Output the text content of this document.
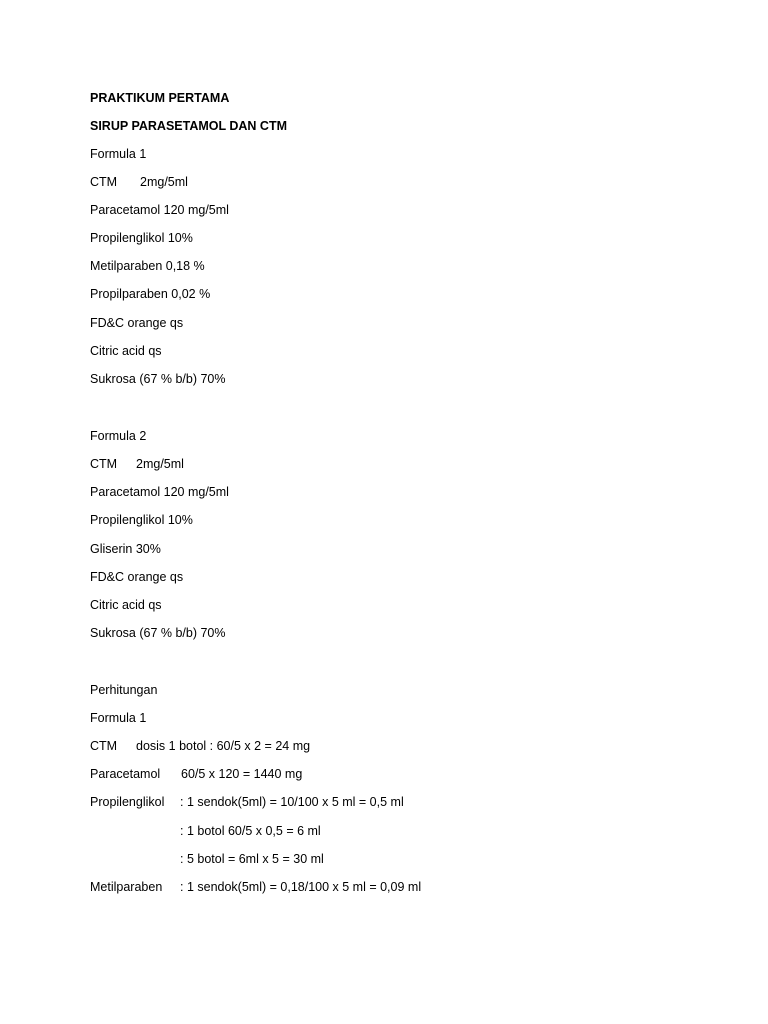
PRAKTIKUM PERTAMA
SIRUP PARASETAMOL DAN CTM
Formula 1
CTM 2mg/5ml
Paracetamol 120 mg/5ml
Propilenglikol 10%
Metilparaben 0,18 %
Propilparaben 0,02 %
FD&C orange qs
Citric acid qs
Sukrosa (67 % b/b) 70%
Formula 2
CTM 2mg/5ml
Paracetamol 120 mg/5ml
Propilenglikol 10%
Gliserin 30%
FD&C orange qs
Citric acid qs
Sukrosa (67 % b/b) 70%
Perhitungan
Formula 1
CTM dosis 1 botol : 60/5 x 2 = 24 mg
Paracetamol 60/5 x 120 = 1440 mg
Propilenglikol : 1 sendok(5ml) = 10/100 x 5 ml = 0,5 ml
: 1 botol 60/5 x 0,5 = 6 ml
: 5 botol = 6ml x 5 = 30 ml
Metilparaben : 1 sendok(5ml) = 0,18/100 x 5 ml = 0,09 ml
